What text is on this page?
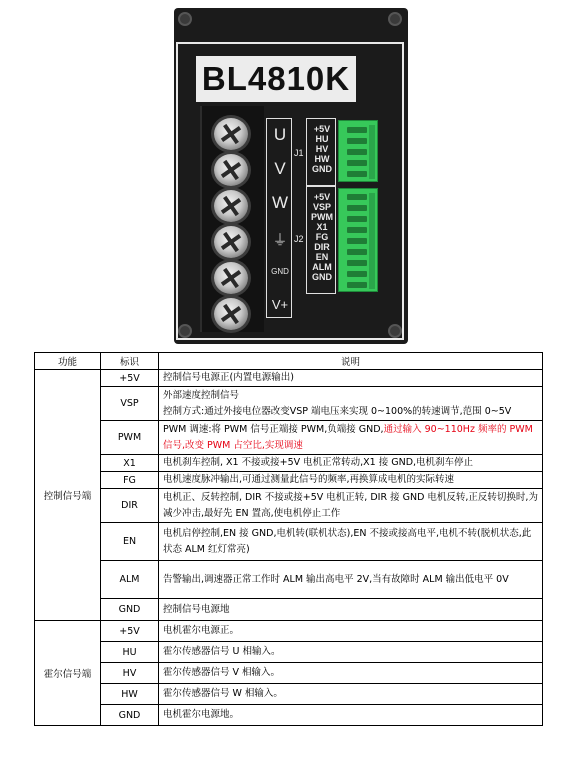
BL4810K
U
V
W
⏚
GND
V+
J1
J2
+5V
HU
HV
HW
GND
+5V
VSP
PWM
X1
FG
DIR
EN
ALM
GND
功能	标识	说明
控制信号端	+5V	控制信号电源正(内置电源输出)
	VSP	外部速度控制信号
控制方式:通过外接电位器改变VSP 端电压来实现 0~100%的转速调节,范围 0~5V

	PWM	PWM 调速:将 PWM 信号正端接 PWM,负端接 GND,通过输入 90~110Hz 频率的 PWM 信号,改变 PWM 占空比,实现调速
	X1	电机刹车控制, X1 不接或接+5V 电机正常转动,X1 接 GND,电机刹车停止
	FG	电机速度脉冲输出,可通过测量此信号的频率,再换算成电机的实际转速
	DIR	电机正、反转控制, DIR 不接或接+5V 电机正转, DIR 接 GND 电机反转,正反转切换时,为减少冲击,最好先 EN 置高,使电机停止工作
	EN	电机启停控制,EN 接 GND,电机转(联机状态),EN 不接或接高电平,电机不转(脱机状态,此状态 ALM 红灯常亮)
	ALM	告警输出,调速器正常工作时 ALM 输出高电平 2V,当有故障时 ALM 输出低电平 0V
	GND	控制信号电源地
霍尔信号端	+5V	电机霍尔电源正。
	HU	霍尔传感器信号 U 相输入。
	HV	霍尔传感器信号 V 相输入。
	HW	霍尔传感器信号 W 相输入。
	GND	电机霍尔电源地。
